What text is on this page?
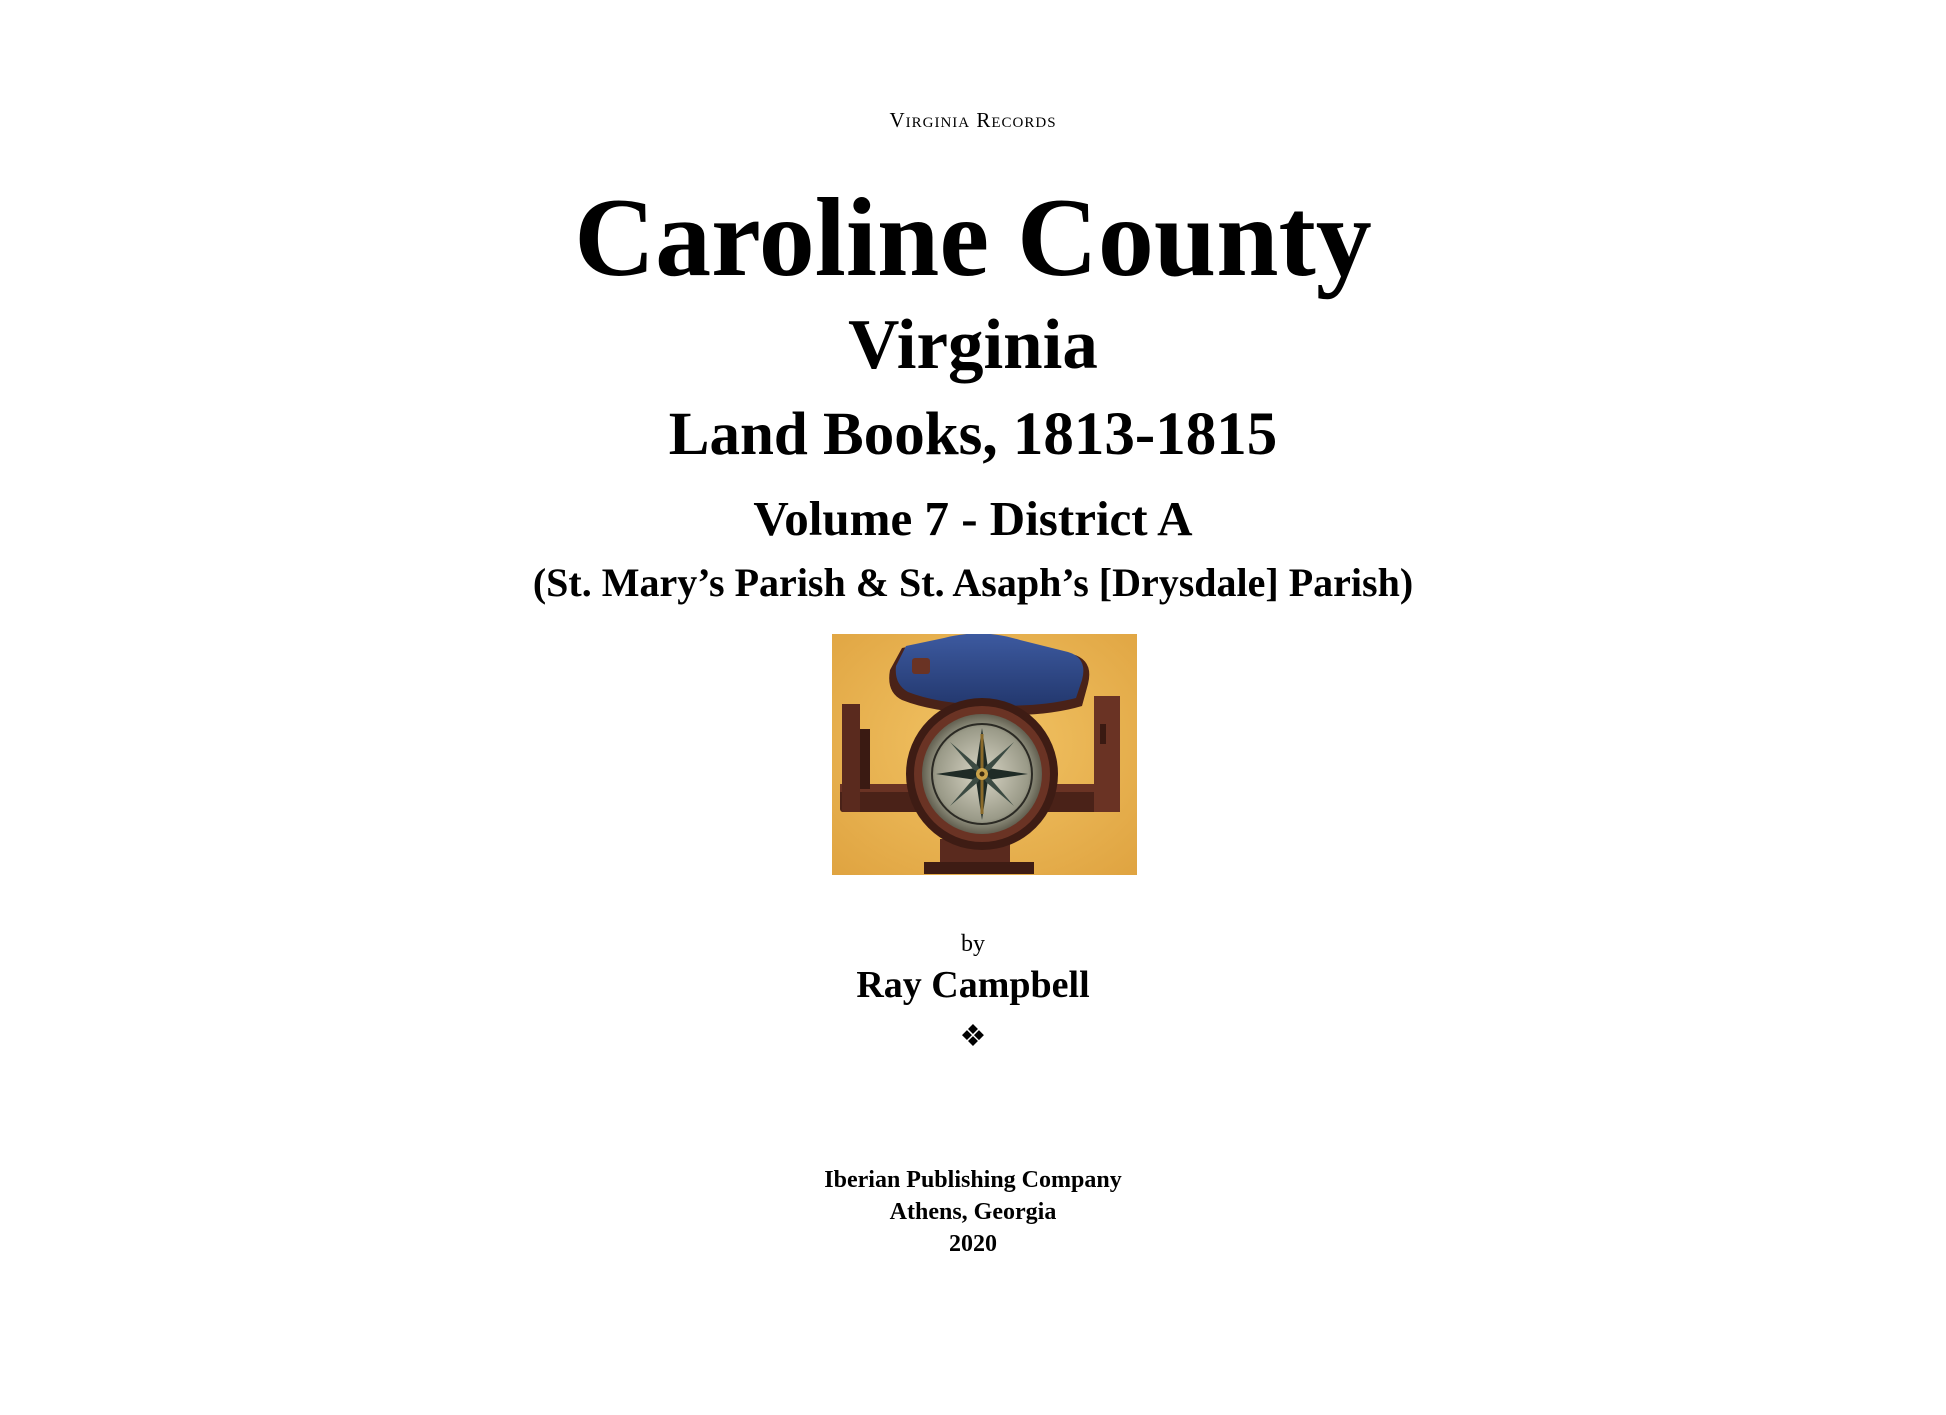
Virginia Records

Caroline County
Virginia
Land Books, 1813-1815
Volume 7 - District A
(St. Mary’s Parish & St. Asaph’s [Drysdale] Parish)

by

Ray Campbell

❖

Iberian Publishing Company

Athens, Georgia

2020
